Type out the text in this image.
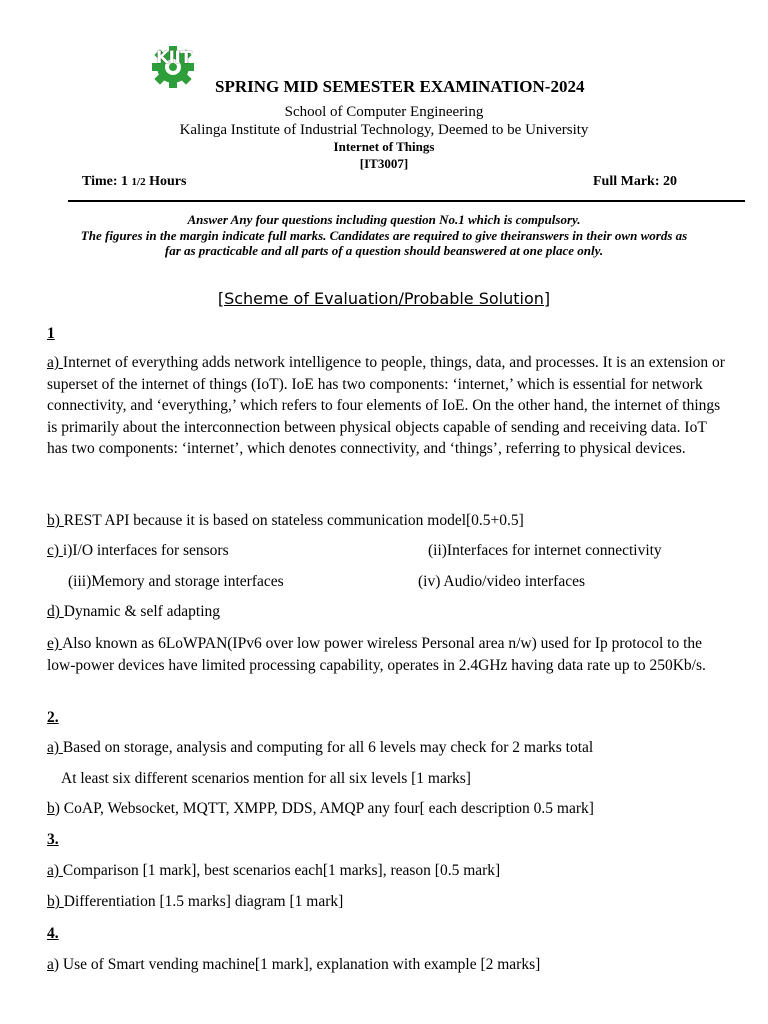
KIIT
SPRING MID SEMESTER EXAMINATION-2024
School of Computer Engineering
Kalinga Institute of Industrial Technology, Deemed to be University
Internet of Things
[IT3007]
Time: 1 1/2 Hours	Full Mark: 20
Answer Any four questions including question No.1 which is compulsory.
The figures in the margin indicate full marks. Candidates are required to give theiranswers in their own words as
far as practicable and all parts of a question should beanswered at one place only.
[Scheme of Evaluation/Probable Solution]
1
a) Internet of everything adds network intelligence to people, things, data, and processes. It is an extension or superset of the internet of things (IoT). IoE has two components: ‘internet,’ which is essential for network connectivity, and ‘everything,’ which refers to four elements of IoE. On the other hand, the internet of things is primarily about the interconnection between physical objects capable of sending and receiving data. IoT has two components: ‘internet’, which denotes connectivity, and ‘things’, referring to physical devices.
b) REST API because it is based on stateless communication model[0.5+0.5]
c) i)I/O interfaces for sensors	(ii)Interfaces for internet connectivity
(iii)Memory and storage interfaces	(iv) Audio/video interfaces
d) Dynamic & self adapting
e) Also known as 6LoWPAN(IPv6 over low power wireless Personal area n/w) used for Ip protocol to the low-power devices have limited processing capability, operates in 2.4GHz having data rate up to 250Kb/s.
2.
a) Based on storage, analysis and computing for all 6 levels may check for 2 marks total
At least six different scenarios mention for all six levels [1 marks]
b) CoAP, Websocket, MQTT, XMPP, DDS, AMQP any four[ each description 0.5 mark]
3.
a) Comparison [1 mark], best scenarios each[1 marks], reason [0.5 mark]
b) Differentiation [1.5 marks] diagram [1 mark]
4.
a) Use of Smart vending machine[1 mark], explanation with example [2 marks]
